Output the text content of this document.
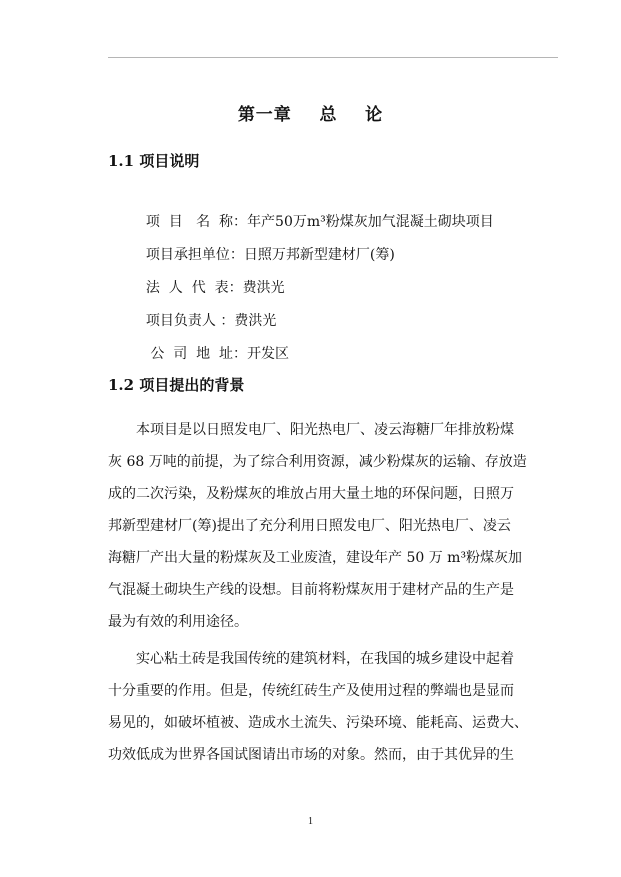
第一章    总    论
1.1 项目说明

项  目   名  称：年产50万m³粉煤灰加气混凝土砌块项目

项目承担单位：日照万邦新型建材厂(筹)

法  人  代  表：费洪光

项目负责人 ：费洪光

公  司  地  址：开发区

1.2 项目提出的背景
本项目是以日照发电厂、阳光热电厂、凌云海糖厂年排放粉煤
灰 68 万吨的前提，为了综合利用资源，减少粉煤灰的运输、存放造
成的二次污染，及粉煤灰的堆放占用大量土地的环保问题，日照万
邦新型建材厂(筹)提出了充分利用日照发电厂、阳光热电厂、凌云
海糖厂产出大量的粉煤灰及工业废渣，建设年产 50 万 m³粉煤灰加
气混凝土砌块生产线的设想。目前将粉煤灰用于建材产品的生产是
最为有效的利用途径。
实心粘土砖是我国传统的建筑材料，在我国的城乡建设中起着
十分重要的作用。但是，传统红砖生产及使用过程的弊端也是显而
易见的，如破坏植被、造成水土流失、污染环境、能耗高、运费大、
功效低成为世界各国试图请出市场的对象。然而，由于其优异的生
1
